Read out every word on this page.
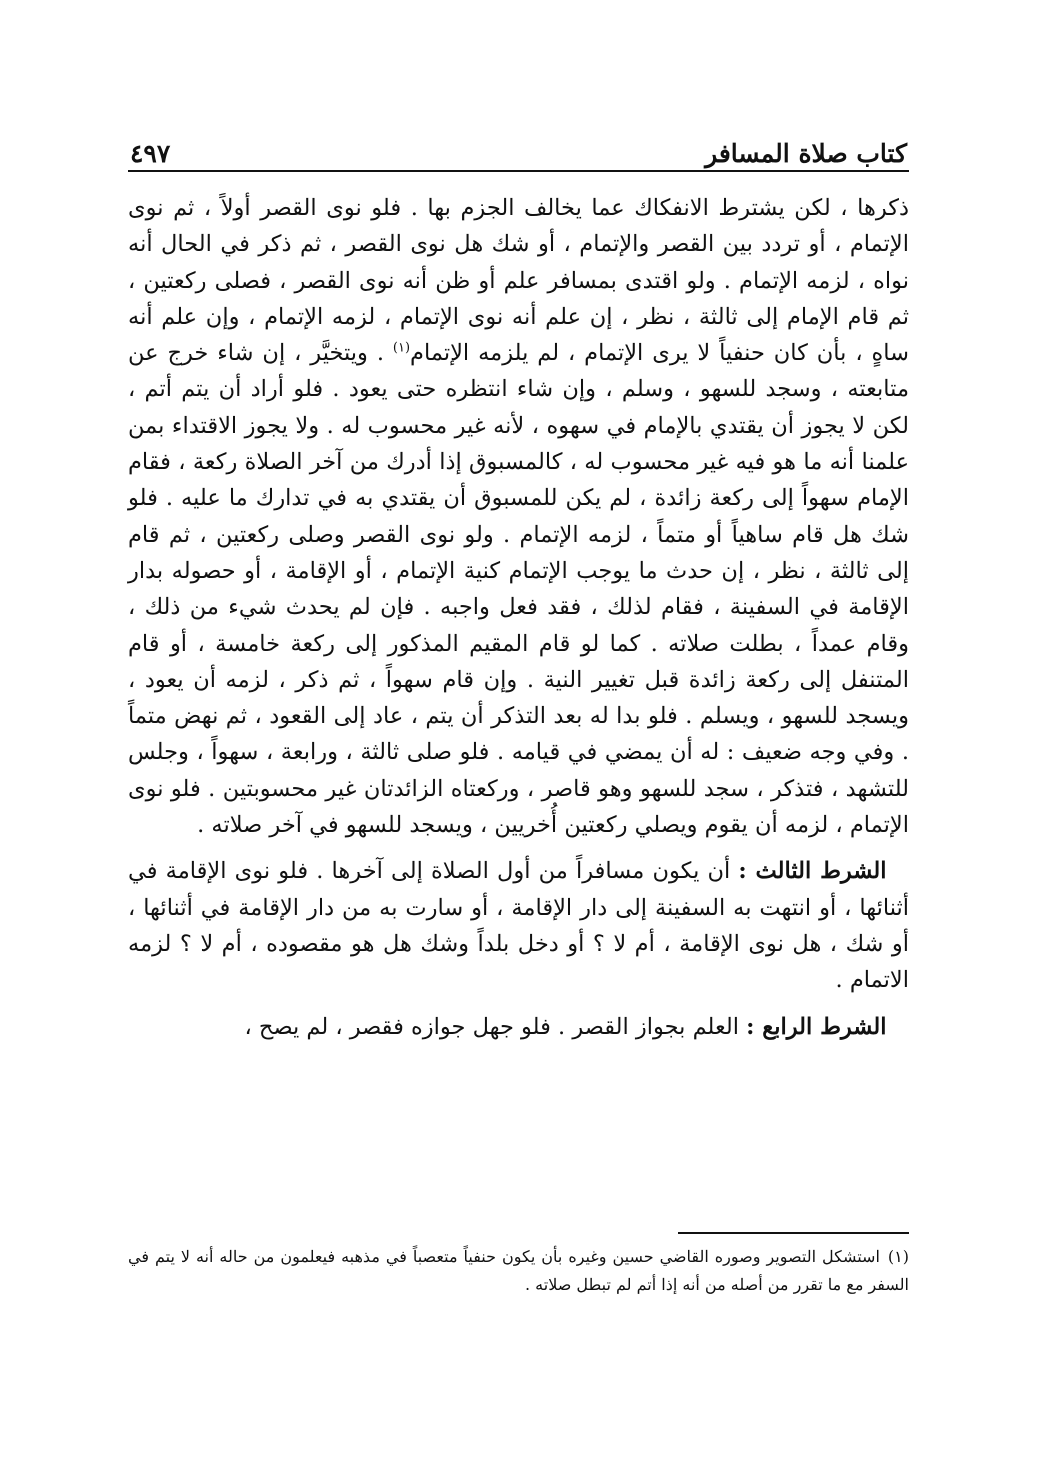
كتاب صلاة المسافر
٤٩٧

ذكرها ، لكن يشترط الانفكاك عما يخالف الجزم بها . فلو نوى القصر أولاً ، ثم نوى الإتمام ، أو تردد بين القصر والإتمام ، أو شك هل نوى القصر ، ثم ذكر في الحال أنه نواه ، لزمه الإتمام . ولو اقتدى بمسافر علم أو ظن أنه نوى القصر ، فصلى ركعتين ، ثم قام الإمام إلى ثالثة ، نظر ، إن علم أنه نوى الإتمام ، لزمه الإتمام ، وإن علم أنه ساهٍ ، بأن كان حنفياً لا يرى الإتمام ، لم يلزمه الإتمام$^{(١)}$ . ويتخيَّر ، إن شاء خرج عن متابعته ، وسجد للسهو ، وسلم ، وإن شاء انتظره حتى يعود . فلو أراد أن يتم أتم ، لكن لا يجوز أن يقتدي بالإمام في سهوه ، لأنه غير محسوب له . ولا يجوز الاقتداء بمن علمنا أنه ما هو فيه غير محسوب له ، كالمسبوق إذا أدرك من آخر الصلاة ركعة ، فقام الإمام سهواً إلى ركعة زائدة ، لم يكن للمسبوق أن يقتدي به في تدارك ما عليه . فلو شك هل قام ساهياً أو متماً ، لزمه الإتمام . ولو نوى القصر وصلى ركعتين ، ثم قام إلى ثالثة ، نظر ، إن حدث ما يوجب الإتمام كنية الإتمام ، أو الإقامة ، أو حصوله بدار الإقامة في السفينة ، فقام لذلك ، فقد فعل واجبه . فإن لم يحدث شيء من ذلك ، وقام عمداً ، بطلت صلاته . كما لو قام المقيم المذكور إلى ركعة خامسة ، أو قام المتنفل إلى ركعة زائدة قبل تغيير النية . وإن قام سهواً ، ثم ذكر ، لزمه أن يعود ، ويسجد للسهو ، ويسلم . فلو بدا له بعد التذكر أن يتم ، عاد إلى القعود ، ثم نهض متماً . وفي وجه ضعيف : له أن يمضي في قيامه . فلو صلى ثالثة ، ورابعة ، سهواً ، وجلس للتشهد ، فتذكر ، سجد للسهو وهو قاصر ، وركعتاه الزائدتان غير محسوبتين . فلو نوى الإتمام ، لزمه أن يقوم ويصلي ركعتين أُخريين ، ويسجد للسهو في آخر صلاته .

 الشرط الثالث : أن يكون مسافراً من أول الصلاة إلى آخرها . فلو نوى الإقامة في أثنائها ، أو انتهت به السفينة إلى دار الإقامة ، أو سارت به من دار الإقامة في أثنائها ، أو شك ، هل نوى الإقامة ، أم لا ؟ أو دخل بلداً وشك هل هو مقصوده ، أم لا ؟ لزمه الاتمام .

 الشرط الرابع : العلم بجواز القصر . فلو جهل جوازه فقصر ، لم يصح ،

(١)استشكل التصوير وصوره القاضي حسين وغيره بأن يكون حنفياً متعصباً في مذهبه فيعلمون من حاله أنه لا يتم في السفر مع ما تقرر من أصله من أنه إذا أتم لم تبطل صلاته .
